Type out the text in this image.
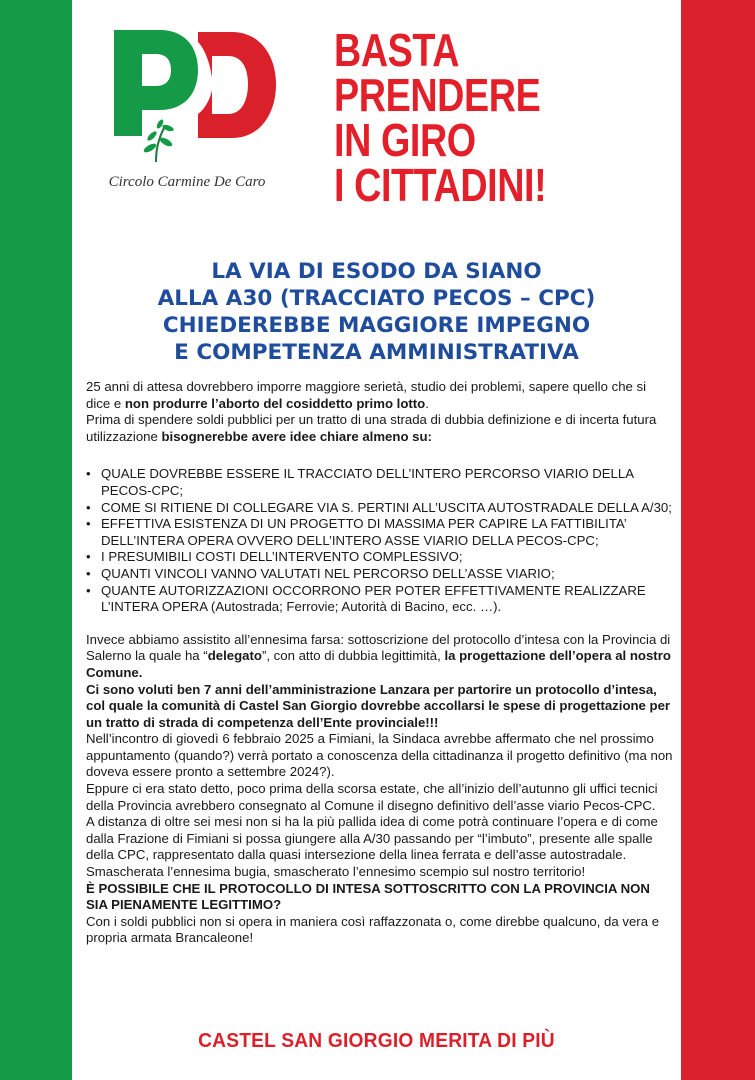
Circolo Carmine De Caro
BASTA
PRENDERE
IN GIRO
I CITTADINI!
LA VIA DI ESODO DA SIANO
ALLA A30 (TRACCIATO PECOS – CPC)
CHIEDEREBBE MAGGIORE IMPEGNO
E COMPETENZA AMMINISTRATIVA

25 anni di attesa dovrebbero imporre maggiore serietà, studio dei problemi, sapere quello che si dice e non produrre l’aborto del cosiddetto primo lotto.

Prima di spendere soldi pubblici per un tratto di una strada di dubbia definizione e di incerta futura utilizzazione bisognerebbe avere idee chiare almeno su:

• QUALE DOVREBBE ESSERE IL TRACCIATO DELL’INTERO PERCORSO VIARIO DELLA PECOS-CPC;
• COME SI RITIENE DI COLLEGARE VIA S. PERTINI ALL’USCITA AUTOSTRADALE DELLA A/30;
• EFFETTIVA ESISTENZA DI UN PROGETTO DI MASSIMA PER CAPIRE LA FATTIBILITA’ DELL’INTERA OPERA OVVERO DELL’INTERO ASSE VIARIO DELLA PECOS-CPC;
• I PRESUMIBILI COSTI DELL’INTERVENTO COMPLESSIVO;
• QUANTI VINCOLI VANNO VALUTATI NEL PERCORSO DELL’ASSE VIARIO;
• QUANTE AUTORIZZAZIONI OCCORRONO PER POTER EFFETTIVAMENTE REALIZZARE L’INTERA OPERA (Autostrada; Ferrovie; Autorità di Bacino, ecc. …).

Invece abbiamo assistito all’ennesima farsa: sottoscrizione del protocollo d’intesa con la Provincia di Salerno la quale ha “delegato”, con atto di dubbia legittimità, la progettazione dell’opera al nostro Comune.

Ci sono voluti ben 7 anni dell’amministrazione Lanzara per partorire un protocollo d’intesa, col quale la comunità di Castel San Giorgio dovrebbe accollarsi le spese di progettazione per un tratto di strada di competenza dell’Ente provinciale!!!

Nell’incontro di giovedì 6 febbraio 2025 a Fimiani, la Sindaca avrebbe affermato che nel prossimo appuntamento (quando?) verrà portato a conoscenza della cittadinanza il progetto definitivo (ma non doveva essere pronto a settembre 2024?).

Eppure ci era stato detto, poco prima della scorsa estate, che all’inizio dell’autunno gli uffici tecnici della Provincia avrebbero consegnato al Comune il disegno definitivo dell’asse viario Pecos-CPC.

A distanza di oltre sei mesi non si ha la più pallida idea di come potrà continuare l’opera e di come dalla Frazione di Fimiani si possa giungere alla A/30 passando per “l’imbuto”, presente alle spalle della CPC, rappresentato dalla quasi intersezione della linea ferrata e dell’asse autostradale.

Smascherata l’ennesima bugia, smascherato l’ennesimo scempio sul nostro territorio!

È POSSIBILE CHE IL PROTOCOLLO DI INTESA SOTTOSCRITTO CON LA PROVINCIA NON SIA PIENAMENTE LEGITTIMO?

Con i soldi pubblici non si opera in maniera così raffazzonata o, come direbbe qualcuno, da vera e propria armata Brancaleone!

CASTEL SAN GIORGIO MERITA DI PIÙ
